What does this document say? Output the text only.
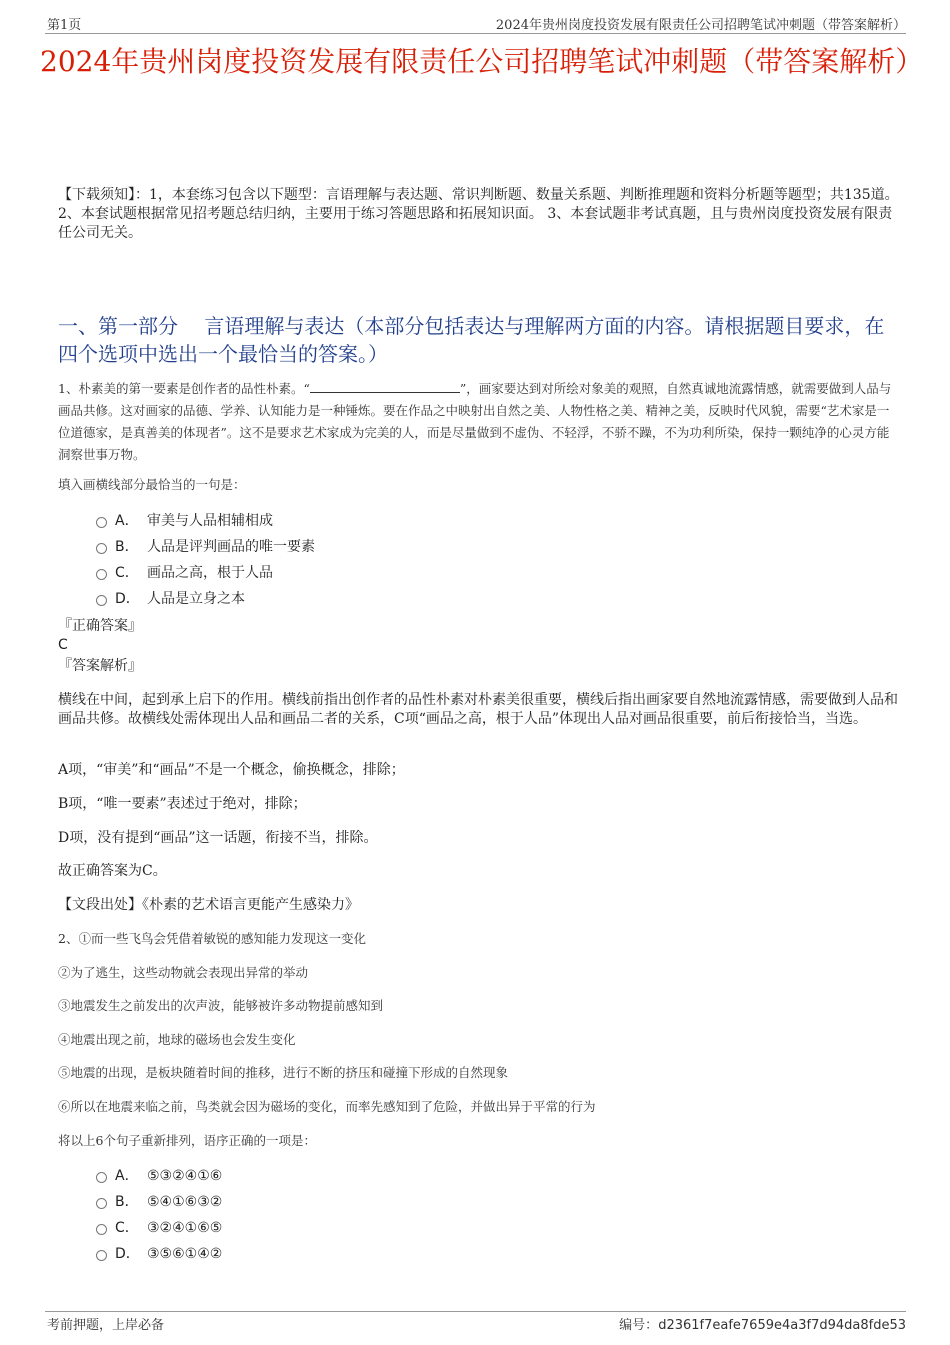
第1页	2024年贵州岗度投资发展有限责任公司招聘笔试冲刺题（带答案解析）
2024年贵州岗度投资发展有限责任公司招聘笔试冲刺题（带答案解析）
【下载须知】：1，本套练习包含以下题型：言语理解与表达题、常识判断题、数量关系题、判断推理题和资料分析题等题型；共135道。 2、本套试题根据常见招考题总结归纳，主要用于练习答题思路和拓展知识面。 3、本套试题非考试真题，且与贵州岗度投资发展有限责任公司无关。
一、第一部分　 言语理解与表达（本部分包括表达与理解两方面的内容。请根据题目要求，在四个选项中选出一个最恰当的答案。）
1、朴素美的第一要素是创作者的品性朴素。“	”，画家要达到对所绘对象美的观照，自然真诚地流露情感，就需要做到人品与画品共修。这对画家的品德、学养、认知能力是一种锤炼。要在作品之中映射出自然之美、人物性格之美、精神之美，反映时代风貌，需要“艺术家是一位道德家，是真善美的体现者”。这不是要求艺术家成为完美的人，而是尽量做到不虚伪、不轻浮，不骄不躁，不为功利所染，保持一颗纯净的心灵方能洞察世事万物。
填入画横线部分最恰当的一句是：
A． 审美与人品相辅相成
B． 人品是评判画品的唯一要素
C． 画品之高，根于人品
D． 人品是立身之本
『正确答案』
C
『答案解析』
横线在中间，起到承上启下的作用。横线前指出创作者的品性朴素对朴素美很重要，横线后指出画家要自然地流露情感，需要做到人品和画品共修。故横线处需体现出人品和画品二者的关系，C项“画品之高，根于人品”体现出人品对画品很重要，前后衔接恰当，当选。
A项，“审美”和“画品”不是一个概念，偷换概念，排除；
B项，“唯一要素”表述过于绝对，排除；
D项，没有提到“画品”这一话题，衔接不当，排除。
故正确答案为C。
【文段出处】《朴素的艺术语言更能产生感染力》
2、①而一些飞鸟会凭借着敏锐的感知能力发现这一变化
②为了逃生，这些动物就会表现出异常的举动
③地震发生之前发出的次声波，能够被许多动物提前感知到
④地震出现之前，地球的磁场也会发生变化
⑤地震的出现，是板块随着时间的推移，进行不断的挤压和碰撞下形成的自然现象
⑥所以在地震来临之前，鸟类就会因为磁场的变化，而率先感知到了危险，并做出异于平常的行为
将以上6个句子重新排列，语序正确的一项是：
A． ⑤③②④①⑥
B． ⑤④①⑥③②
C． ③②④①⑥⑤
D． ③⑤⑥①④②
考前押题，上岸必备	编号：d2361f7eafe7659e4a3f7d94da8fde53
